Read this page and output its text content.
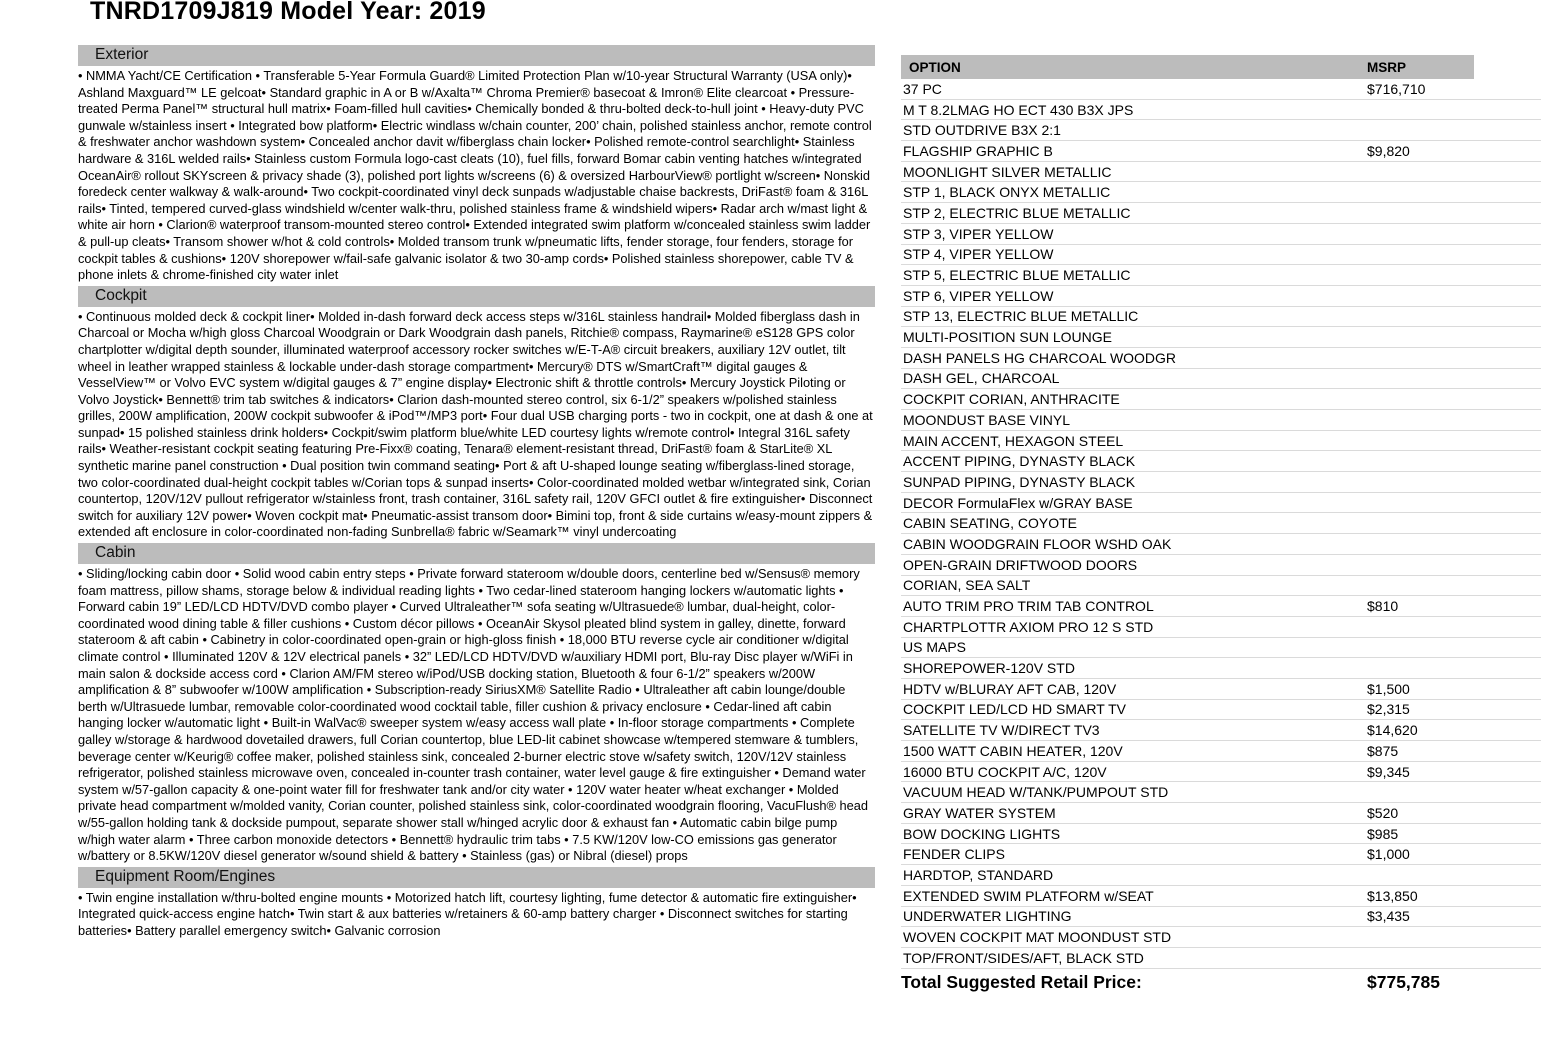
TNRD1709J819 Model Year: 2019
Exterior
• NMMA Yacht/CE Certification • Transferable 5-Year Formula Guard® Limited Protection Plan w/10-year Structural Warranty (USA only)• Ashland Maxguard™ LE gelcoat• Standard graphic in A or B w/Axalta™ Chroma Premier® basecoat & Imron® Elite clearcoat • Pressure-treated Perma Panel™ structural hull matrix• Foam-filled hull cavities• Chemically bonded & thru-bolted deck-to-hull joint • Heavy-duty PVC gunwale w/stainless insert • Integrated bow platform• Electric windlass w/chain counter, 200’ chain, polished stainless anchor, remote control & freshwater anchor washdown system• Concealed anchor davit w/fiberglass chain locker• Polished remote-control searchlight• Stainless hardware & 316L welded rails• Stainless custom Formula logo-cast cleats (10), fuel fills, forward Bomar cabin venting hatches w/integrated OceanAir® rollout SKYscreen & privacy shade (3), polished port lights w/screens (6) & oversized HarbourView® portlight w/screen• Nonskid foredeck center walkway & walk-around• Two cockpit-coordinated vinyl deck sunpads w/adjustable chaise backrests, DriFast® foam & 316L rails• Tinted, tempered curved-glass windshield w/center walk-thru, polished stainless frame & windshield wipers• Radar arch w/mast light & white air horn • Clarion® waterproof transom-mounted stereo control• Extended integrated swim platform w/concealed stainless swim ladder & pull-up cleats• Transom shower w/hot & cold controls• Molded transom trunk w/pneumatic lifts, fender storage, four fenders, storage for cockpit tables & cushions• 120V shorepower w/fail-safe galvanic isolator & two 30-amp cords• Polished stainless shorepower, cable TV & phone inlets & chrome-finished city water inlet
Cockpit
• Continuous molded deck & cockpit liner• Molded in-dash forward deck access steps w/316L stainless handrail• Molded fiberglass dash in Charcoal or Mocha w/high gloss Charcoal Woodgrain or Dark Woodgrain dash panels, Ritchie® compass, Raymarine® eS128 GPS color chartplotter w/digital depth sounder, illuminated waterproof accessory rocker switches w/E-T-A® circuit breakers, auxiliary 12V outlet, tilt wheel in leather wrapped stainless & lockable under-dash storage compartment• Mercury® DTS w/SmartCraft™ digital gauges & VesselView™ or Volvo EVC system w/digital gauges & 7” engine display• Electronic shift & throttle controls• Mercury Joystick Piloting or Volvo Joystick• Bennett® trim tab switches & indicators• Clarion dash-mounted stereo control, six 6-1/2” speakers w/polished stainless grilles, 200W amplification, 200W cockpit subwoofer & iPod™/MP3 port• Four dual USB charging ports - two in cockpit, one at dash & one at sunpad• 15 polished stainless drink holders• Cockpit/swim platform blue/white LED courtesy lights w/remote control• Integral 316L safety rails• Weather-resistant cockpit seating featuring Pre-Fixx® coating, Tenara® element-resistant thread, DriFast® foam & StarLite® XL synthetic marine panel construction • Dual position twin command seating• Port & aft U-shaped lounge seating w/fiberglass-lined storage, two color-coordinated dual-height cockpit tables w/Corian tops & sunpad inserts• Color-coordinated molded wetbar w/integrated sink, Corian countertop, 120V/12V pullout refrigerator w/stainless front, trash container, 316L safety rail, 120V GFCI outlet & fire extinguisher• Disconnect switch for auxiliary 12V power• Woven cockpit mat• Pneumatic-assist transom door• Bimini top, front & side curtains w/easy-mount zippers & extended aft enclosure in color-coordinated non-fading Sunbrella® fabric w/Seamark™ vinyl undercoating
Cabin
• Sliding/locking cabin door • Solid wood cabin entry steps • Private forward stateroom w/double doors, centerline bed w/Sensus® memory foam mattress, pillow shams, storage below & individual reading lights • Two cedar-lined stateroom hanging lockers w/automatic lights • Forward cabin 19” LED/LCD HDTV/DVD combo player • Curved Ultraleather™ sofa seating w/Ultrasuede® lumbar, dual-height, color-coordinated wood dining table & filler cushions • Custom décor pillows • OceanAir Skysol pleated blind system in galley, dinette, forward stateroom & aft cabin • Cabinetry in color-coordinated open-grain or high-gloss finish • 18,000 BTU reverse cycle air conditioner w/digital climate control • Illuminated 120V & 12V electrical panels • 32” LED/LCD HDTV/DVD w/auxiliary HDMI port, Blu-ray Disc player w/WiFi in main salon & dockside access cord • Clarion AM/FM stereo w/iPod/USB docking station, Bluetooth & four 6-1/2” speakers w/200W amplification & 8” subwoofer w/100W amplification • Subscription-ready SiriusXM® Satellite Radio • Ultraleather aft cabin lounge/double berth w/Ultrasuede lumbar, removable color-coordinated wood cocktail table, filler cushion & privacy enclosure • Cedar-lined aft cabin hanging locker w/automatic light • Built-in WalVac® sweeper system w/easy access wall plate • In-floor storage compartments • Complete galley w/storage & hardwood dovetailed drawers, full Corian countertop, blue LED-lit cabinet showcase w/tempered stemware & tumblers, beverage center w/Keurig® coffee maker, polished stainless sink, concealed 2-burner electric stove w/safety switch, 120V/12V stainless refrigerator, polished stainless microwave oven, concealed in-counter trash container, water level gauge & fire extinguisher • Demand water system w/57-gallon capacity & one-point water fill for freshwater tank and/or city water • 120V water heater w/heat exchanger • Molded private head compartment w/molded vanity, Corian counter, polished stainless sink, color-coordinated woodgrain flooring, VacuFlush® head w/55-gallon holding tank & dockside pumpout, separate shower stall w/hinged acrylic door & exhaust fan • Automatic cabin bilge pump w/high water alarm • Three carbon monoxide detectors • Bennett® hydraulic trim tabs • 7.5 KW/120V low-CO emissions gas generator w/battery or 8.5KW/120V diesel generator w/sound shield & battery • Stainless (gas) or Nibral (diesel) props
Equipment Room/Engines
• Twin engine installation w/thru-bolted engine mounts • Motorized hatch lift, courtesy lighting, fume detector & automatic fire extinguisher• Integrated quick-access engine hatch• Twin start & aux batteries w/retainers & 60-amp battery charger • Disconnect switches for starting batteries• Battery parallel emergency switch• Galvanic corrosion
OPTION	MSRP
37 PC	$716,710
M T 8.2LMAG HO ECT 430 B3X JPS
STD OUTDRIVE B3X 2:1
FLAGSHIP GRAPHIC B	$9,820
MOONLIGHT SILVER METALLIC
STP 1, BLACK ONYX METALLIC
STP 2, ELECTRIC BLUE METALLIC
STP 3, VIPER YELLOW
STP 4, VIPER YELLOW
STP 5, ELECTRIC BLUE METALLIC
STP 6, VIPER YELLOW
STP 13, ELECTRIC BLUE METALLIC
MULTI-POSITION SUN LOUNGE
DASH PANELS HG CHARCOAL WOODGR
DASH GEL, CHARCOAL
COCKPIT CORIAN, ANTHRACITE
MOONDUST BASE VINYL
MAIN ACCENT, HEXAGON STEEL
ACCENT PIPING, DYNASTY BLACK
SUNPAD PIPING, DYNASTY BLACK
DECOR FormulaFlex w/GRAY BASE
CABIN SEATING, COYOTE
CABIN WOODGRAIN FLOOR WSHD OAK
OPEN-GRAIN DRIFTWOOD DOORS
CORIAN, SEA SALT
AUTO TRIM PRO TRIM TAB CONTROL	$810
CHARTPLOTTR AXIOM PRO 12 S STD
US MAPS
SHOREPOWER-120V STD
HDTV w/BLURAY AFT CAB, 120V	$1,500
COCKPIT LED/LCD HD SMART TV	$2,315
SATELLITE TV W/DIRECT TV3	$14,620
1500 WATT CABIN HEATER, 120V	$875
16000 BTU COCKPIT A/C, 120V	$9,345
VACUUM HEAD W/TANK/PUMPOUT STD
GRAY WATER SYSTEM	$520
BOW DOCKING LIGHTS	$985
FENDER CLIPS	$1,000
HARDTOP, STANDARD
EXTENDED SWIM PLATFORM w/SEAT	$13,850
UNDERWATER LIGHTING	$3,435
WOVEN COCKPIT MAT MOONDUST STD
TOP/FRONT/SIDES/AFT, BLACK STD
Total Suggested Retail Price:	$775,785
